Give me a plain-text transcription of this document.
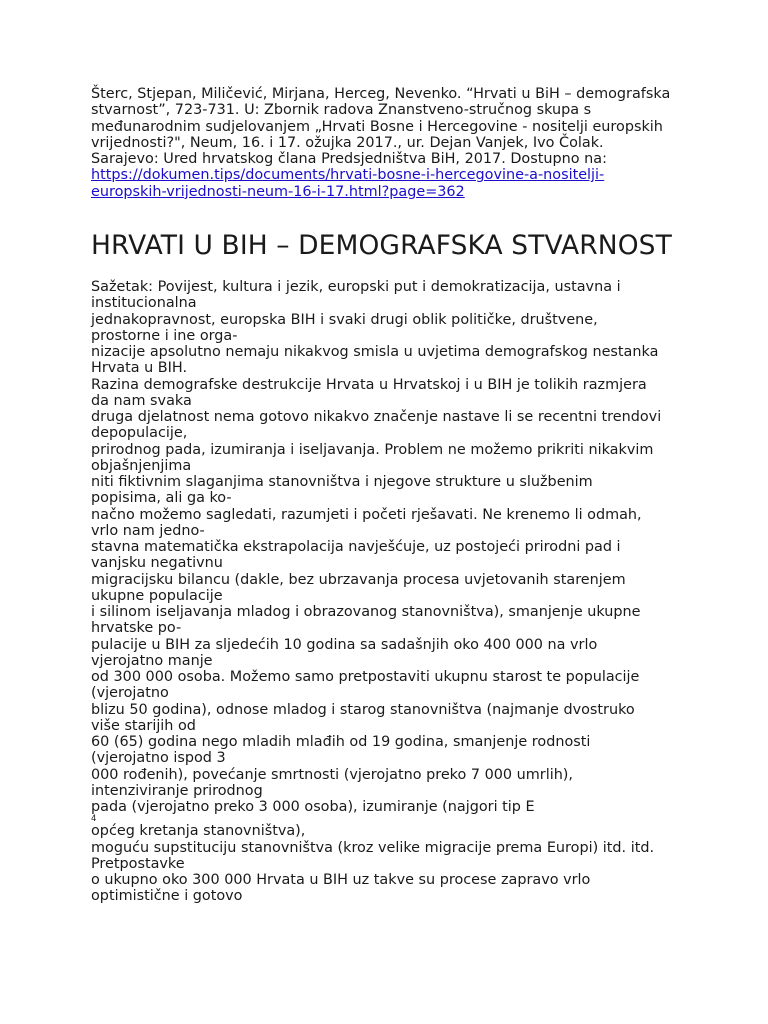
Šterc, Stjepan, Miličević, Mirjana, Herceg, Nevenko. “Hrvati u BiH – demografska
stvarnost”, 723-731. U: Zbornik radova Znanstveno-stručnog skupa s
međunarodnim sudjelovanjem „Hrvati Bosne i Hercegovine - nositelji europskih
vrijednosti?", Neum, 16. i 17. ožujka 2017., ur. Dejan Vanjek, Ivo Čolak.
Sarajevo: Ured hrvatskog člana Predsjedništva BiH, 2017. Dostupno na:
https://dokumen.tips/documents/hrvati-bosne-i-hercegovine-a-nositelji-
europskih-vrijednosti-neum-16-i-17.html?page=362

HRVATI U BIH – DEMOGRAFSKA STVARNOST
Sažetak: Povijest, kultura i jezik, europski put i demokratizacija, ustavna i
institucionalna
jednakopravnost, europska BIH i svaki drugi oblik političke, društvene,
prostorne i ine orga-
nizacije apsolutno nemaju nikakvog smisla u uvjetima demografskog nestanka
Hrvata u BIH.
Razina demografske destrukcije Hrvata u Hrvatskoj i u BIH je tolikih razmjera
da nam svaka
druga djelatnost nema gotovo nikakvo značenje nastave li se recentni trendovi
depopulacije,
prirodnog pada, izumiranja i iseljavanja. Problem ne možemo prikriti nikakvim
objašnjenjima
niti fiktivnim slaganjima stanovništva i njegove strukture u službenim
popisima, ali ga ko-
načno možemo sagledati, razumjeti i početi rješavati. Ne krenemo li odmah,
vrlo nam jedno-
stavna matematička ekstrapolacija navješćuje, uz postojeći prirodni pad i
vanjsku negativnu
migracijsku bilancu (dakle, bez ubrzavanja procesa uvjetovanih starenjem
ukupne populacije
i silinom iseljavanja mladog i obrazovanog stanovništva), smanjenje ukupne
hrvatske po-
pulacije u BIH za sljedećih 10 godina sa sadašnjih oko 400 000 na vrlo
vjerojatno manje
od 300 000 osoba. Možemo samo pretpostaviti ukupnu starost te populacije
(vjerojatno
blizu 50 godina), odnose mladog i starog stanovništva (najmanje dvostruko
više starijih od
60 (65) godina nego mladih mlađih od 19 godina, smanjenje rodnosti
(vjerojatno ispod 3
000 rođenih), povećanje smrtnosti (vjerojatno preko 7 000 umrlih),
intenziviranje prirodnog
pada (vjerojatno preko 3 000 osoba), izumiranje (najgori tip E
4
općeg kretanja stanovništva),
moguću supstituciju stanovništva (kroz velike migracije prema Europi) itd. itd.
Pretpostavke
o ukupno oko 300 000 Hrvata u BIH uz takve su procese zapravo vrlo
optimistične i gotovo
